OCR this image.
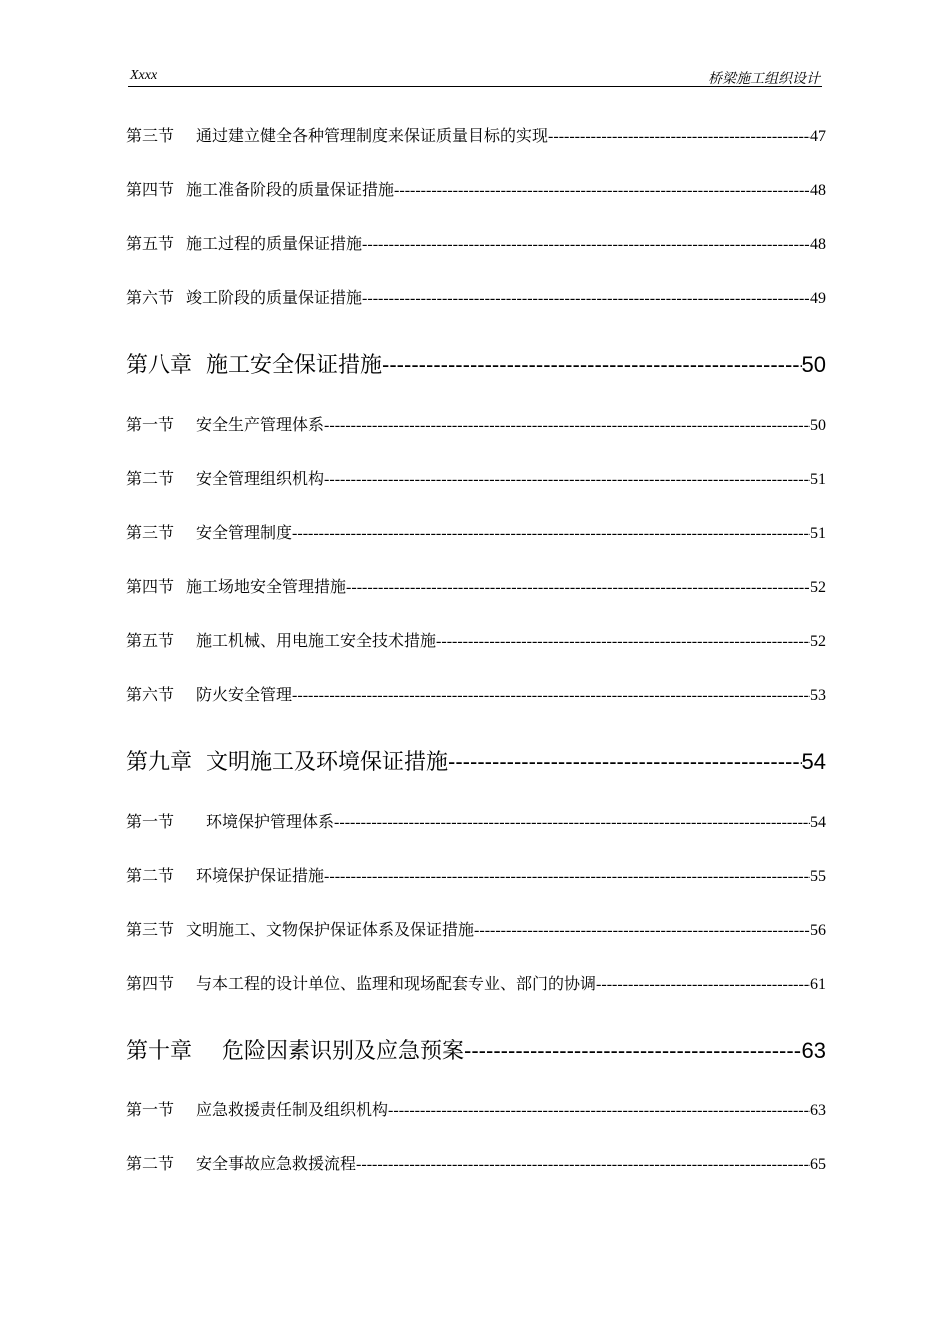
Xxxx	桥梁施工组织设计
第三节 通过建立健全各种管理制度来保证质量目标的实现 -----	47
第四节 施工准备阶段的质量保证措施 -----	48
第五节 施工过程的质量保证措施 -----	48
第六节 竣工阶段的质量保证措施 -----	49
第八章 施工安全保证措施 -----	50
第一节 安全生产管理体系 -----	50
第二节 安全管理组织机构 -----	51
第三节 安全管理制度 -----	51
第四节 施工场地安全管理措施 -----	52
第五节 施工机械、用电施工安全技术措施 -----	52
第六节 防火安全管理 -----	53
第九章 文明施工及环境保证措施 -----	54
第一节 环境保护管理体系 -----	54
第二节 环境保护保证措施 -----	55
第三节 文明施工、文物保护保证体系及保证措施 -----	56
第四节 与本工程的设计单位、监理和现场配套专业、部门的协调 -----	61
第十章 危险因素识别及应急预案 -----	63
第一节 应急救援责任制及组织机构 -----	63
第二节 安全事故应急救援流程 -----	65
